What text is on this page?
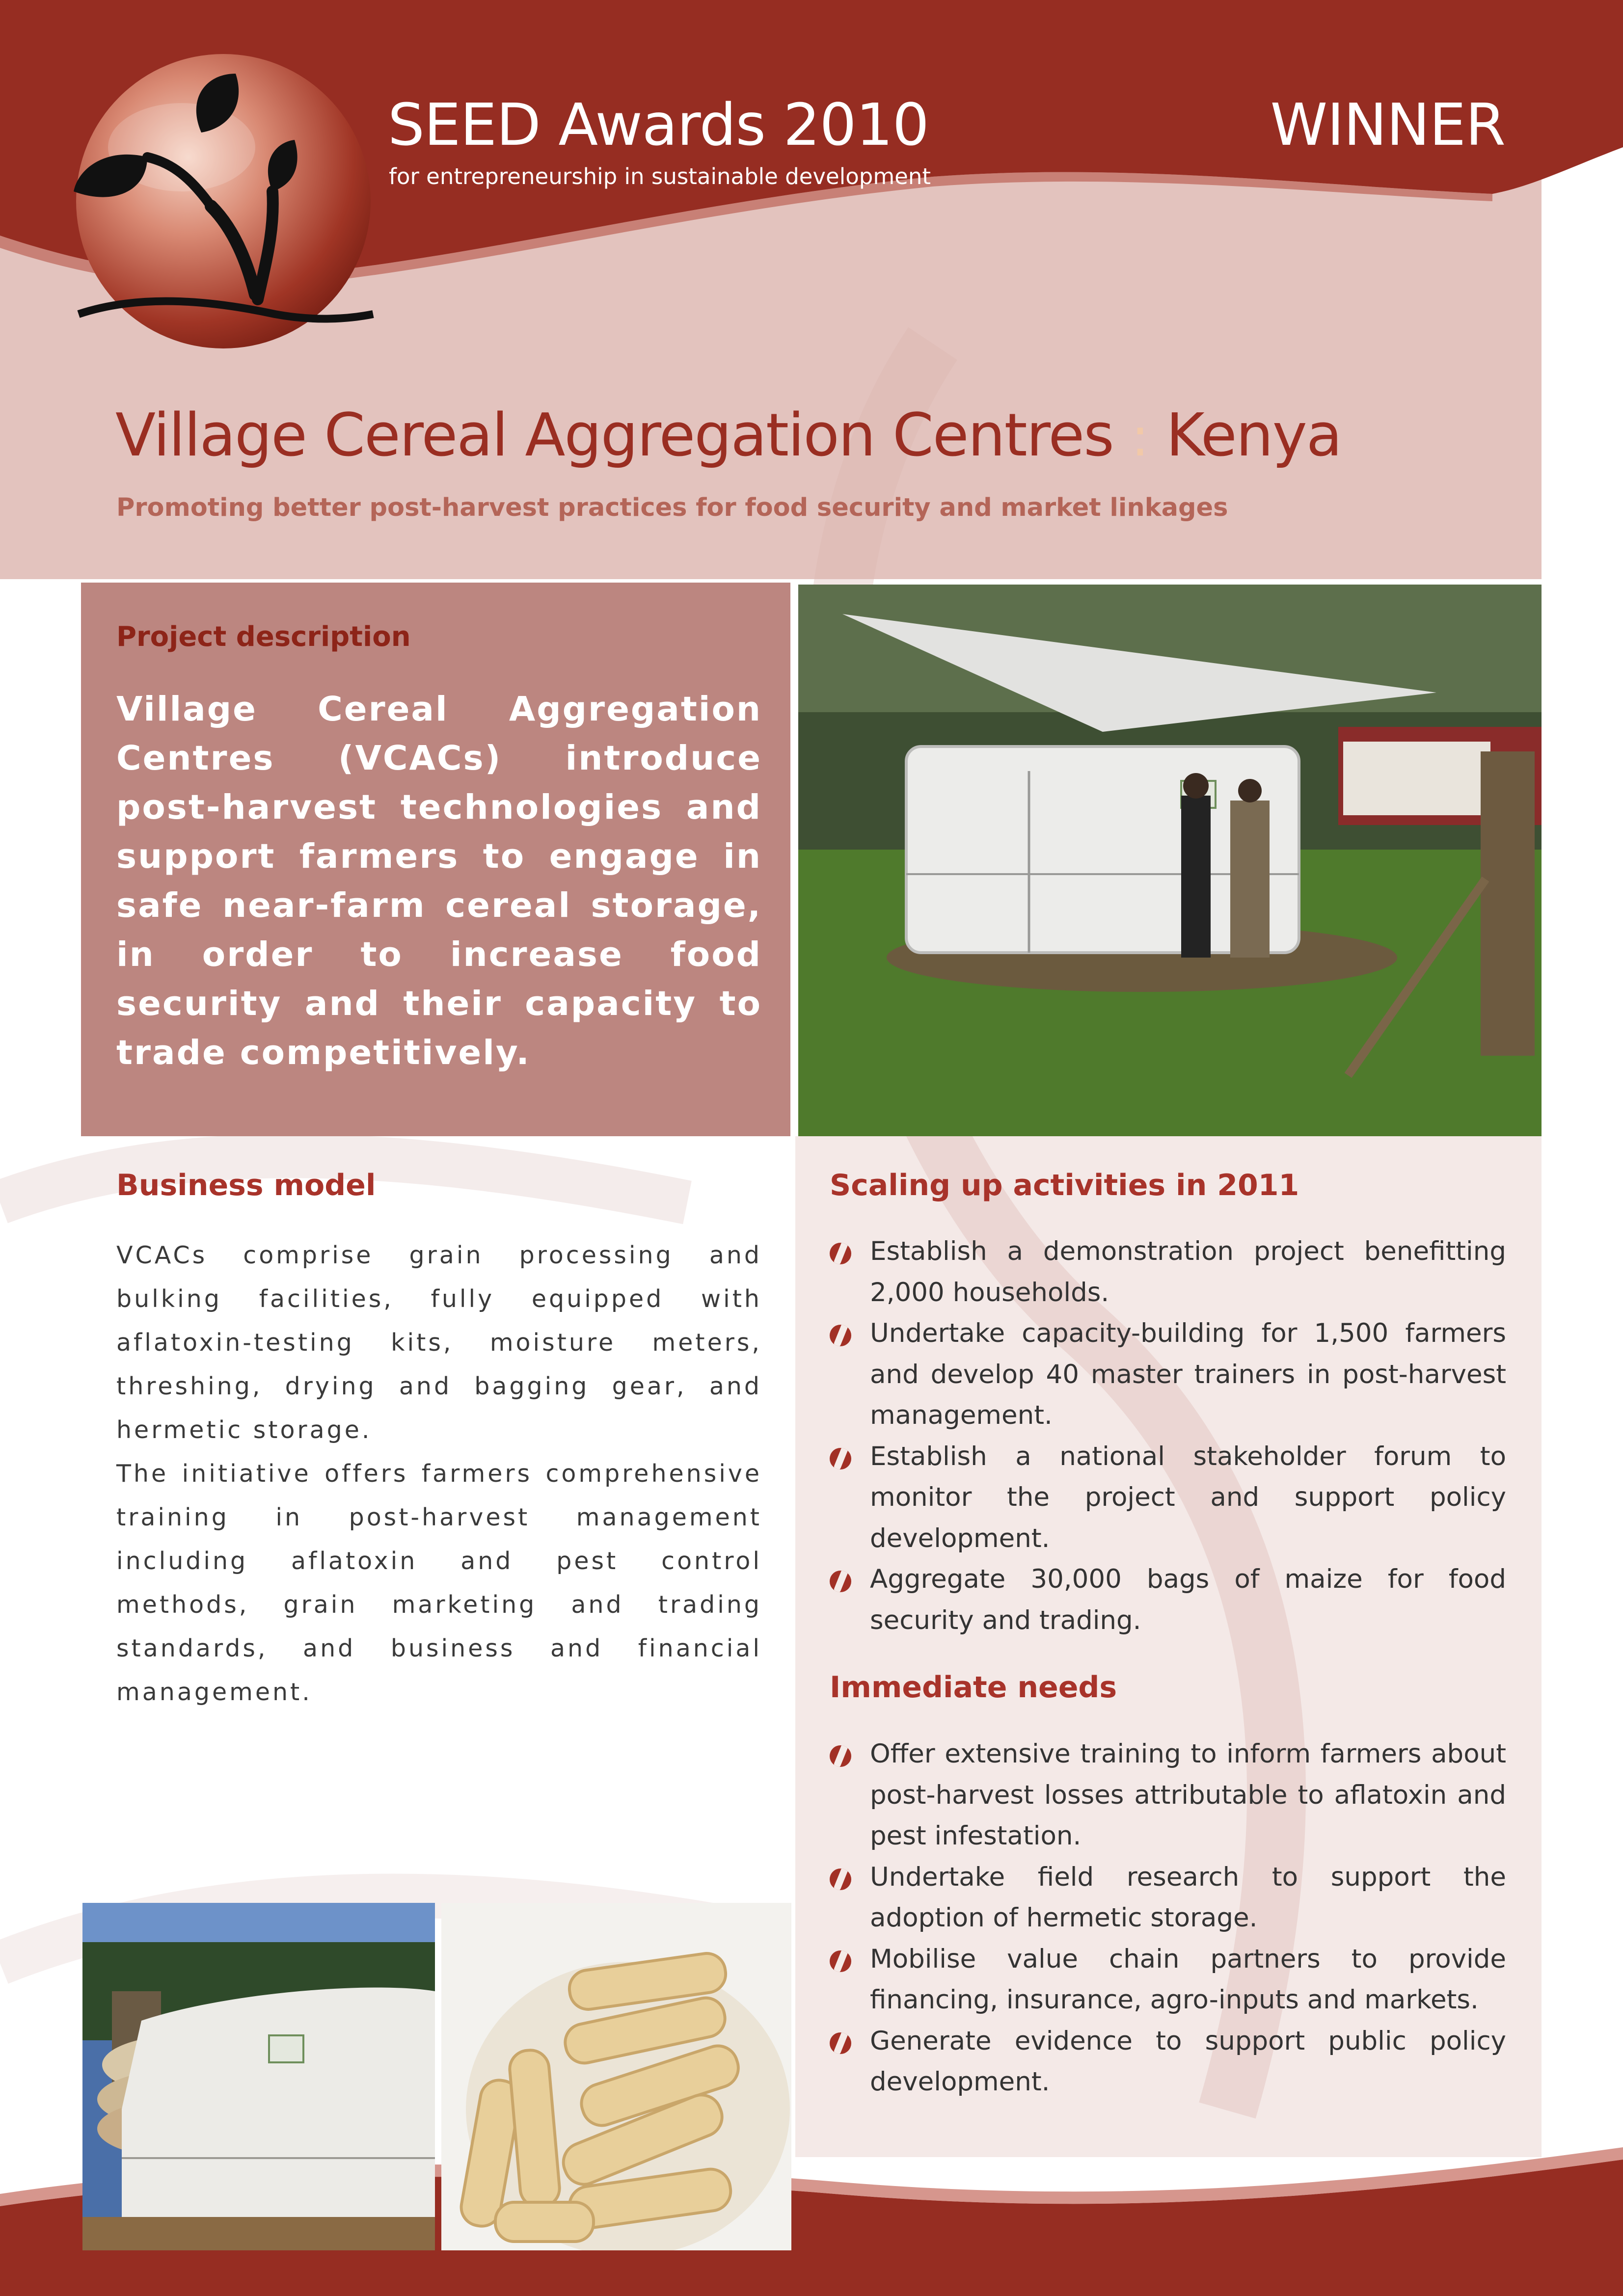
SEED Awards 2010
for entrepreneurship in sustainable development
WINNER
Village Cereal Aggregation Centres : Kenya
Promoting better post-harvest practices for food security and market linkages
Project description
Village Cereal Aggregation Centres (VCACs) introduce post-harvest technologies and support farmers to engage in safe near-farm cereal storage, in order to increase food security and their capacity to trade competitively.
Business model
VCACs comprise grain processing and bulking facilities, fully equipped with aflatoxin-testing kits, moisture meters, threshing, drying and bagging gear, and hermetic storage.
The initiative offers farmers comprehensive training in post-harvest management including aflatoxin and pest control methods, grain marketing and trading standards, and business and financial management.
Scaling up activities in 2011
Establish a demonstration project benefitting 2,000 households.
Undertake capacity-building for 1,500 farmers and develop 40 master trainers in post-harvest management.
Establish a national stakeholder forum to monitor the project and support policy development.
Aggregate 30,000 bags of maize for food security and trading.
Immediate needs
Offer extensive training to inform farmers about post-harvest losses attributable to aflatoxin and pest infestation.
Undertake field research to support the adoption of hermetic storage.
Mobilise value chain partners to provide financing, insurance, agro-inputs and markets.
Generate evidence to support public policy development.
